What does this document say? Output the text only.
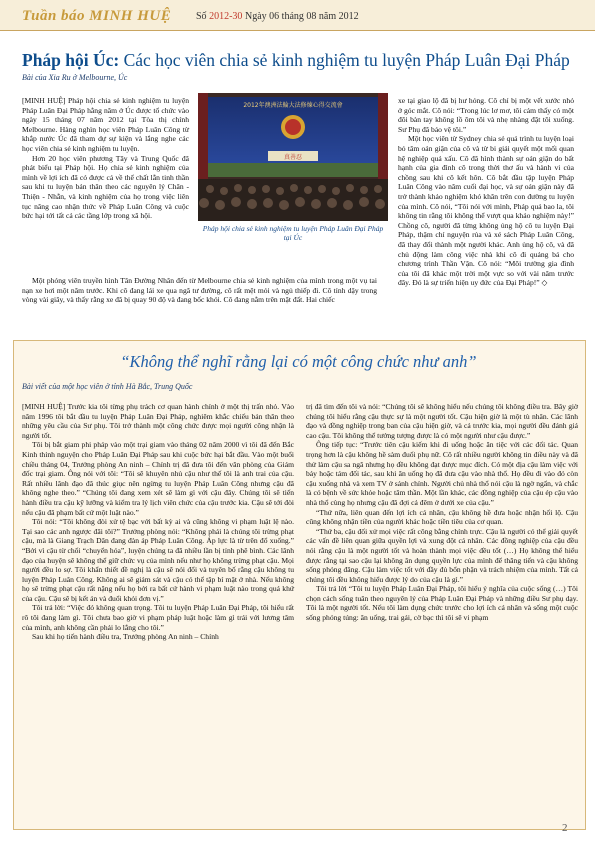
Tuần báo MINH HUỆ Số 2012-30 Ngày 06 tháng 08 năm 2012
Pháp hội Úc: Các học viên chia sẻ kinh nghiệm tu luyện Pháp Luân Đại Pháp
Bài của Xia Ru ở Melbourne, Úc

[MINH HUỆ] Pháp hội chia sẻ kinh nghiệm tu luyện Pháp Luân Đại Pháp hằng năm ở Úc được tổ chức vào ngày 15 tháng 07 năm 2012 tại Tòa thị chính Melbourne. Hàng nghìn học viên Pháp Luân Công từ khắp nước Úc đã tham dự sự kiện và lắng nghe các học viên chia sẻ kinh nghiệm tu luyện.

Hơn 20 học viên phương Tây và Trung Quốc đã phát biểu tại Pháp hội. Họ chia sẻ kinh nghiệm của mình về lợi ích đã có được cả về thể chất lẫn tinh thần sau khi tu luyện bản thân theo các nguyên lý Chân - Thiện - Nhẫn, và kinh nghiệm của họ trong việc liên tục nâng cao nhận thức về Pháp Luân Công và cuộc bức hại tới tất cả các tầng lớp trong xã hội.

Một phóng viên truyền hình Tân Đường Nhân đến từ Melbourne chia sẻ kinh nghiệm của mình trong một vụ tai nạn xe hơi một năm trước. Khi cô đang lái xe qua ngã tư đường, cô rất mệt mỏi và ngủ thiếp đi. Cô tỉnh dậy trong vòng vài giây, và thấy rằng xe đã bị quay 90 độ và đang bốc khói. Cô đang nằm trên mặt đất. Hai chiếc

2012年澳洲法輪大法修煉心得交流會
真善忍
Pháp hội chia sẻ kinh nghiệm tu luyện Pháp Luân Đại Pháp tại Úc

xe tại giao lộ đã bị hư hỏng. Cô chỉ bị một vết xước nhỏ ở góc mắt. Cô nói: “Trong lúc lơ mơ, tôi cảm thấy có một đôi bàn tay không lồ ôm tôi và nhẹ nhàng đặt tôi xuống. Sư Phụ đã bảo vệ tôi.”

Một học viên từ Sydney chia sẻ quá trình tu luyện loại bỏ tâm oán giận của cô và từ bi giải quyết một mối quan hệ nghiệp quả xấu. Cô đã hình thành sự oán giận do bất hạnh của gia đình cô trong thời thơ ấu và hành vi của chồng sau khi cô kết hôn. Cô bắt đầu tập luyện Pháp Luân Công vào năm cuối đại học, và sự oán giận này đã trở thành khảo nghiệm khó khăn trên con đường tu luyện của mình. Cô nói, “Tôi nói với mình, Pháp quả bao la, tôi không tin rằng tôi không thể vượt qua khảo nghiệm này!” Chồng cô, người đã từng không ủng hộ cô tu luyện Đại Pháp, thậm chí nguyện rủa và xé sách Pháp Luân Công, đã thay đổi thành một người khác. Anh ủng hộ cô, và đã chủ động làm công việc nhà khi cô đi quảng bá cho chương trình Thần Vận. Cô nói: “Môi trường gia đình của tôi đã khác một trời một vực so với vài năm trước đây. Đó là sự triển hiện uy đức của Đại Pháp!” ◇

“Không thể nghĩ rằng lại có một công chức như anh”
Bài viết của một học viên ở tỉnh Hà Bắc, Trung Quốc

[MINH HUỆ] Trước kia tôi từng phụ trách cơ quan hành chính ở một thị trấn nhỏ. Vào năm 1996 tôi bắt đầu tu luyện Pháp Luân Đại Pháp, nghiêm khắc chiếu bản thân theo những yêu cầu của Sư phụ. Tôi trở thành một công chức được mọi người công nhận là người tốt.

Tôi bị bắt giam phi pháp vào một trại giam vào tháng 02 năm 2000 vì tôi đã đến Bắc Kinh thỉnh nguyện cho Pháp Luân Đại Pháp sau khi cuộc bức hại bắt đầu. Vào một buổi chiều tháng 04, Trưởng phòng An ninh – Chính trị đã đưa tôi đến văn phòng của Giám đốc trại giam. Ông nói với tôi: “Tôi sẽ khuyên nhủ cậu như thế tôi là anh trai của cậu. Rất nhiều lãnh đạo đã thúc giục nên ngừng tu luyện Pháp Luân Công nhưng cậu đã không nghe theo.” “Chúng tôi đang xem xét sẽ làm gì với cậu đây. Chúng tôi sẽ tiến hành điều tra cậu kỹ lưỡng và kiểm tra lý lịch viên chức của cậu trước kia. Cậu sẽ tới đòi nếu cậu đã phạm bất cứ một luật nào.”

Tôi nói: “Tôi không đòi xử tệ bạc với bất kỳ ai và cũng không vi phạm luật lệ nào. Tại sao các anh ngược đãi tôi?” Trưởng phòng nói: “Không phải là chúng tôi trừng phạt cậu, mà là Giang Trạch Dân đang đàn áp Pháp Luân Công. Áp lực là từ trên đổ xuống.” “Bởi vì cậu từ chối “chuyển hóa”, luyện chúng ta đã nhiều lần bị tỉnh phê bình. Các lãnh đạo của huyện sẽ không thể giữ chức vụ của mình nếu như họ không trừng phạt cậu. Mọi người đều lo sợ. Tôi khẩn thiết đề nghị là cậu sẽ nói đổi và tuyên bố rằng cậu không tu luyện Pháp Luân Công. Không ai sẽ giám sát và cậu có thể tập bí mật ở nhà. Nếu không họ sẽ trừng phạt cậu rất nặng nếu họ bởi ra bất cứ hành vi phạm luật nào trong quá khứ của cậu. Cậu sẽ bị kết án và đuổi khỏi đơn vị.”

Tôi trả lời: “Việc đó không quan trọng. Tôi tu luyện Pháp Luân Đại Pháp, tôi hiểu rất rõ tôi đang làm gì. Tôi chưa bao giờ vi phạm pháp luật hoặc làm gì trái với lương tâm của mình, anh không cần phải lo lắng cho tôi.”

Sau khi họ tiến hành điều tra, Trưởng phòng An ninh – Chính

trị đã tìm đến tôi và nói: “Chúng tôi sẽ không hiểu nếu chúng tôi không điều tra. Bây giờ chúng tôi hiểu rằng cậu thực sự là một người tốt. Cậu hiện giờ là một tù nhân. Các lãnh đạo và đồng nghiệp trong ban của cậu hiện giờ, và cả trước kia, mọi người đều đánh giá cao cậu. Tôi không thể tưởng tượng được là có một người như cậu được.”

Ông tiếp tục: “Trước tiên cậu kiếm khi đi uống hoặc ăn tiệc với các đối tác. Quan trọng hơn là cậu không hề sàm đuối phụ nữ. Cô rất nhiều người không tin điều này và đã thử làm cậu sa ngã nhưng họ đều không đạt được mục đích. Có một địa cậu làm việc với bảy hoặc tám đối tác, sau khi ăn uống họ đã đưa cậu vào nhà thổ. Họ đều đi vào đó còn cậu xuống nhà và xem TV ở sảnh chính. Người chủ nhà thổ nói cậu là ngờ ngẩn, và chắc là có bệnh về sức khỏe hoặc tâm thần. Một lần khác, các đồng nghiệp của cậu ép cậu vào nhà thổ cùng họ nhưng cậu đã đợi cả đêm ở dưới xe của cậu.”

“Thứ nữa, liên quan đến lợi ích cá nhân, cậu không hề đưa hoặc nhận hối lộ. Cậu cũng không nhận tiền của người khác hoặc tiền tiêu của cơ quan.

“Thứ ba, cậu đối xử mọi việc rất công bằng chính trực. Cậu là người có thể giải quyết các vấn đề liên quan giữa quyền lợi và xung đột cá nhân. Các đồng nghiệp của cậu đều nói rằng cậu là một người tốt và hoàn thành mọi việc đều tốt (…) Họ không thể hiểu được rằng tại sao cậu lại không ăn dụng quyền lực của mình để thăng tiến và cậu không sống phóng đãng. Cậu làm việc tốt với đầy đủ bổn phận và trách nhiệm của mình. Tất cả chúng tôi đều không hiểu được lý do của cậu là gì.”

Tôi trả lời “Tôi tu luyện Pháp Luân Đại Pháp, tôi hiểu ý nghĩa của cuộc sống (…) Tôi chọn cách sống tuân theo nguyên lý của Pháp Luân Đại Pháp và những điều Sư phụ dạy. Tôi là một người tốt. Nếu tôi làm dụng chức trước cho lợi ích cá nhân và sống một cuộc sống phóng túng: ăn uống, trai gái, cờ bạc thì tôi sẽ vi phạm

2
